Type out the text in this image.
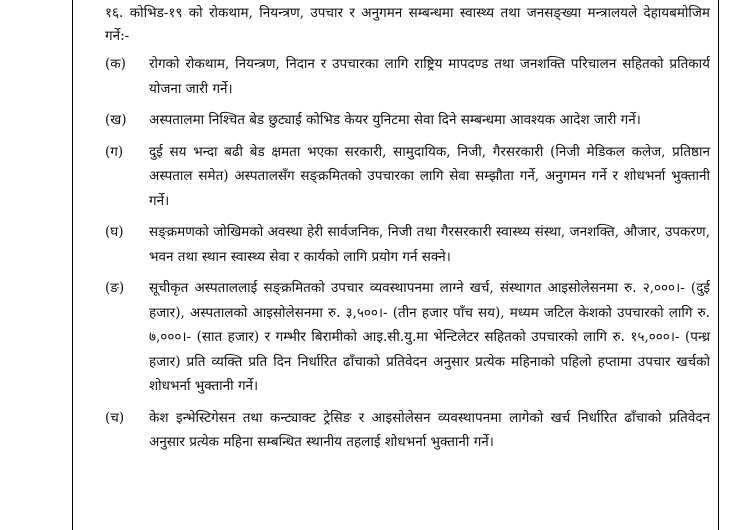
१६. कोभिड-१९ को रोकथाम, नियन्त्रण, उपचार र अनुगमन सम्बन्धमा स्वास्थ्य तथा जनसङ्ख्या मन्त्रालयले देहायबमोजिम गर्ने:-

(क)	रोगको रोकथाम, नियन्त्रण, निदान र उपचारका लागि राष्ट्रिय मापदण्ड तथा जनशक्ति परिचालन सहितको प्रतिकार्य योजना जारी गर्ने।
(ख)	अस्पतालमा निश्चित बेड छुट्याई कोभिड केयर युनिटमा सेवा दिने सम्बन्धमा आवश्यक आदेश जारी गर्ने।
(ग)	दुई सय भन्दा बढी बेड क्षमता भएका सरकारी, सामुदायिक, निजी, गैरसरकारी (निजी मेडिकल कलेज, प्रतिष्ठान अस्पताल समेत) अस्पतालसँग सङ्क्रमितको उपचारका लागि सेवा सम्झौता गर्ने, अनुगमन गर्ने र शोधभर्ना भुक्तानी गर्ने।
(घ)	सङ्क्रमणको जोखिमको अवस्था हेरी सार्वजनिक, निजी तथा गैरसरकारी स्वास्थ्य संस्था, जनशक्ति, औजार, उपकरण, भवन तथा स्थान स्वास्थ्य सेवा र कार्यको लागि प्रयोग गर्न सक्ने।
(ङ)	सूचीकृत अस्पताललाई सङ्क्रमितको उपचार व्यवस्थापनमा लाग्ने खर्च, संस्थागत आइसोलेसनमा रु. २,०००।- (दुई हजार), अस्पतालको आइसोलेसनमा रु. ३,५००।- (तीन हजार पाँच सय), मध्यम जटिल केशको उपचारको लागि रु. ७,०००।- (सात हजार) र गम्भीर बिरामीको आइ.सी.यु.मा भेन्टिलेटर सहितको उपचारको लागि रु. १५,०००।- (पन्ध्र हजार) प्रति व्यक्ति प्रति दिन निर्धारित ढाँचाको प्रतिवेदन अनुसार प्रत्येक महिनाको पहिलो हप्तामा उपचार खर्चको शोधभर्ना भुक्तानी गर्ने।
(च)	केश इन्भेस्टिगेसन तथा कन्ट्याक्ट ट्रेसिङ र आइसोलेसन व्यवस्थापनमा लागेको खर्च निर्धारित ढाँचाको प्रतिवेदन अनुसार प्रत्येक महिना सम्बन्धित स्थानीय तहलाई शोधभर्ना भुक्तानी गर्ने।
